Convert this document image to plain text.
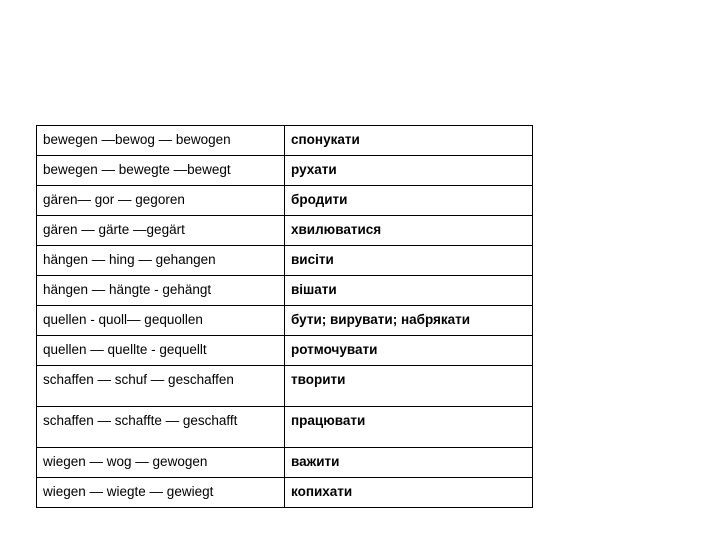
bewegen —bewog — bewogen	спонукати
bewegen — bewegte —bewegt	рухати
gären— gor — gegoren	бродити
gären — gärte —gegärt	хвилюватися
hängen — hing — gehangen	висіти
hängen — hängte - gehängt	вішати
quellen - quoll— gequollen	бути; вирувати; набрякати
quellen — quellte - gequellt	ротмочувати
schaffen — schuf — geschaffen	творити
schaffen — schaffte — geschafft	працювати
wiegen — wog — gewogen	важити
wiegen — wiegte — gewiegt	копихати
